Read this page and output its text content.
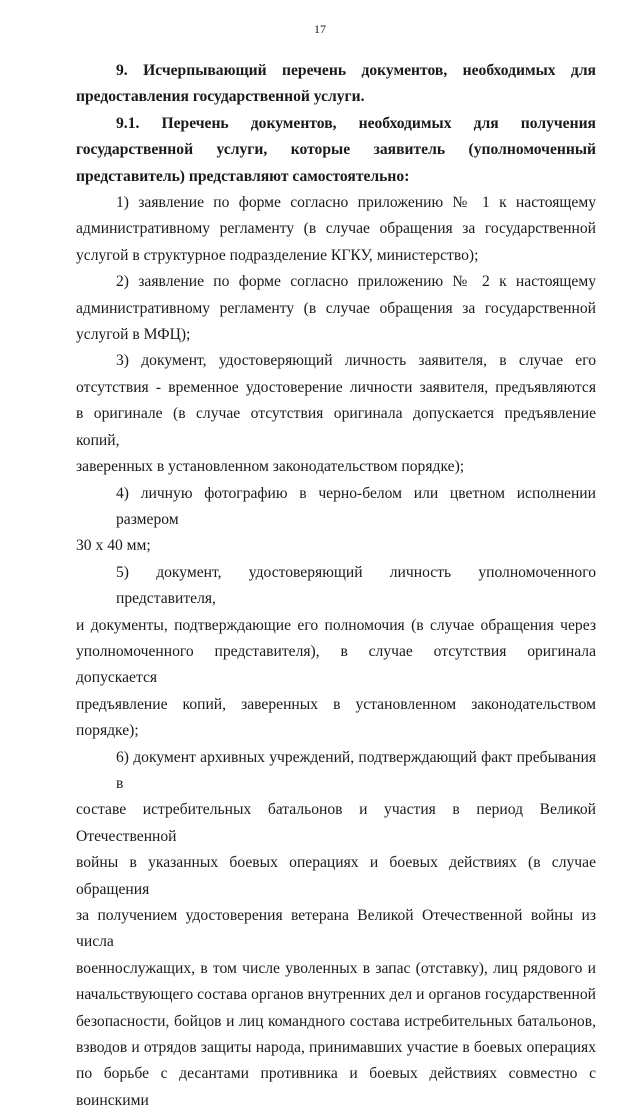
17

9. Исчерпывающий перечень документов, необходимых для
предоставления государственной услуги.

9.1. Перечень документов, необходимых для получения
государственной услуги, которые заявитель (уполномоченный
представитель) представляют самостоятельно:

1) заявление по форме согласно приложению № 1 к настоящему
административному регламенту (в случае обращения за государственной
услугой в структурное подразделение КГКУ, министерство);

2) заявление по форме согласно приложению № 2 к настоящему
административному регламенту (в случае обращения за государственной
услугой в МФЦ);

3) документ, удостоверяющий личность заявителя, в случае его
отсутствия - временное удостоверение личности заявителя, предъявляются
в оригинале (в случае отсутствия оригинала допускается предъявление копий,
заверенных в установленном законодательством порядке);

4) личную фотографию в черно-белом или цветном исполнении размером
30 х 40 мм;

5) документ, удостоверяющий личность уполномоченного представителя,
и документы, подтверждающие его полномочия (в случае обращения через
уполномоченного представителя), в случае отсутствия оригинала допускается
предъявление копий, заверенных в установленном законодательством порядке);

6) документ архивных учреждений, подтверждающий факт пребывания в
составе истребительных батальонов и участия в период Великой Отечественной
войны в указанных боевых операциях и боевых действиях (в случае обращения
за получением удостоверения ветерана Великой Отечественной войны из числа
военнослужащих, в том числе уволенных в запас (отставку), лиц рядового и
начальствующего состава органов внутренних дел и органов государственной
безопасности, бойцов и лиц командного состава истребительных батальонов,
взводов и отрядов защиты народа, принимавших участие в боевых операциях
по борьбе с десантами противника и боевых действиях совместно с воинскими
